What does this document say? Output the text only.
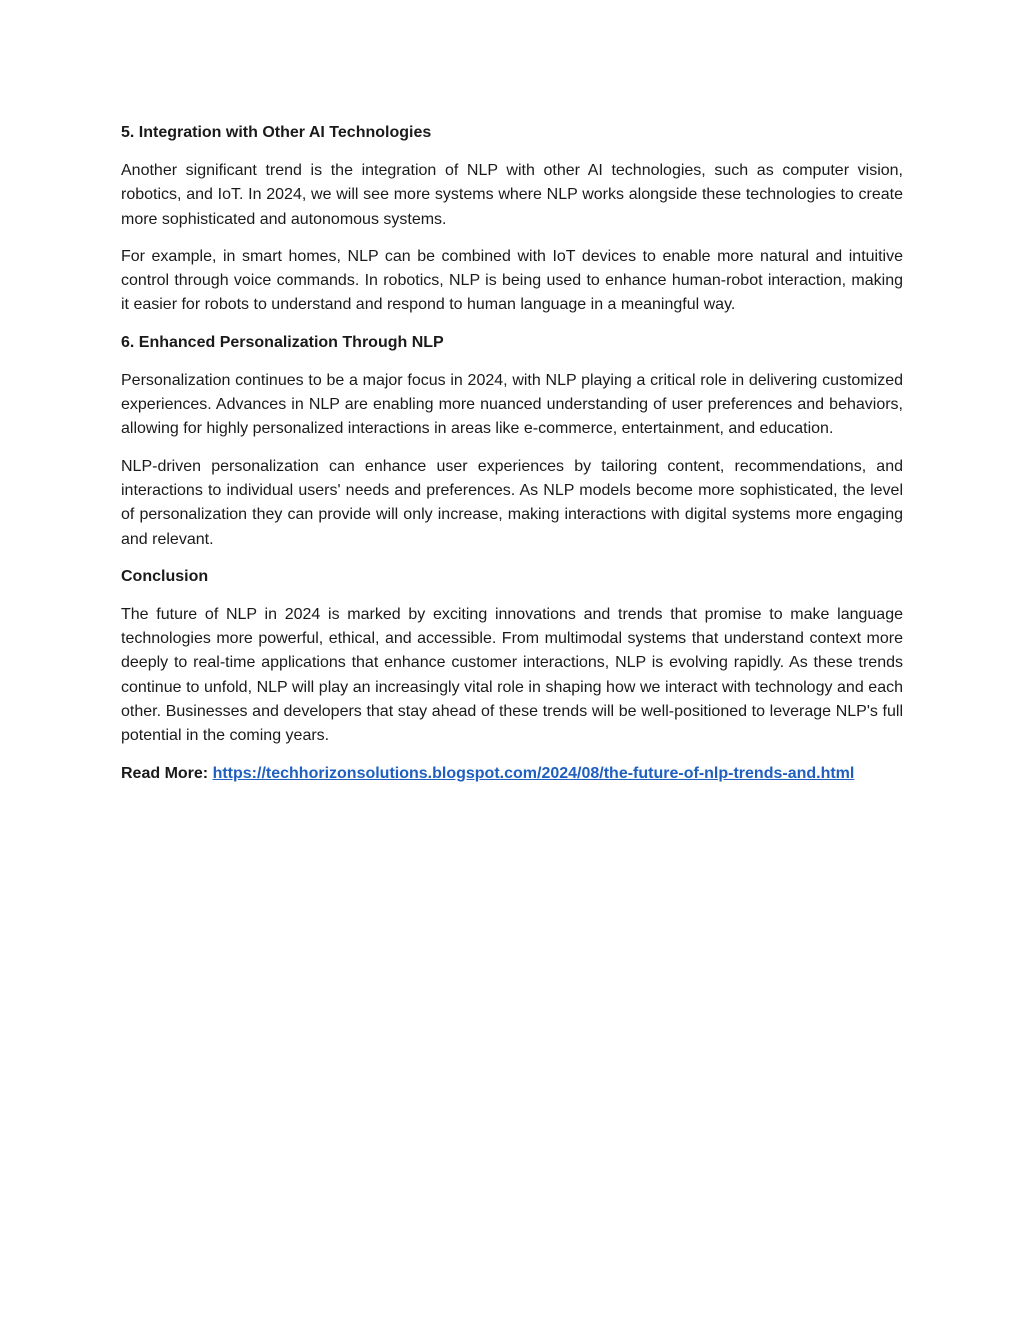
5. Integration with Other AI Technologies

Another significant trend is the integration of NLP with other AI technologies, such as computer vision, robotics, and IoT. In 2024, we will see more systems where NLP works alongside these technologies to create more sophisticated and autonomous systems.

For example, in smart homes, NLP can be combined with IoT devices to enable more natural and intuitive control through voice commands. In robotics, NLP is being used to enhance human-robot interaction, making it easier for robots to understand and respond to human language in a meaningful way.

6. Enhanced Personalization Through NLP

Personalization continues to be a major focus in 2024, with NLP playing a critical role in delivering customized experiences. Advances in NLP are enabling more nuanced understanding of user preferences and behaviors, allowing for highly personalized interactions in areas like e-commerce, entertainment, and education.

NLP-driven personalization can enhance user experiences by tailoring content, recommendations, and interactions to individual users' needs and preferences. As NLP models become more sophisticated, the level of personalization they can provide will only increase, making interactions with digital systems more engaging and relevant.

Conclusion

The future of NLP in 2024 is marked by exciting innovations and trends that promise to make language technologies more powerful, ethical, and accessible. From multimodal systems that understand context more deeply to real-time applications that enhance customer interactions, NLP is evolving rapidly. As these trends continue to unfold, NLP will play an increasingly vital role in shaping how we interact with technology and each other. Businesses and developers that stay ahead of these trends will be well-positioned to leverage NLP's full potential in the coming years.

Read More: https://techhorizonsolutions.blogspot.com/2024/08/the-future-of-nlp-trends-and.html
